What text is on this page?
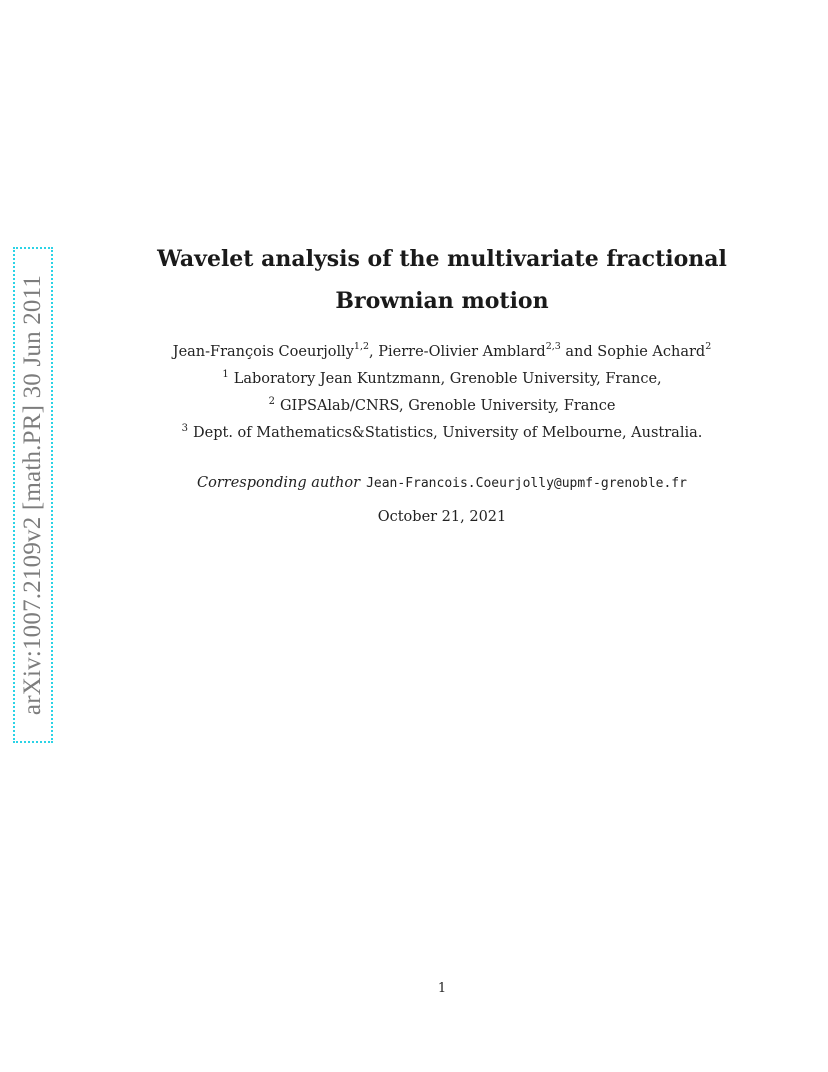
arXiv:1007.2109v2 [math.PR] 30 Jun 2011
Wavelet analysis of the multivariate fractional
Brownian motion
Jean-François Coeurjolly$^{1,2}$, Pierre-Olivier Amblard$^{2,3}$ and Sophie Achard$^2$
$^1$ Laboratory Jean Kuntzmann, Grenoble University, France,
$^2$ GIPSAlab/CNRS, Grenoble University, France
$^3$ Dept. of Mathematics&Statistics, University of Melbourne, Australia.
Corresponding author Jean-Francois.Coeurjolly@upmf-grenoble.fr
October 21, 2021
1
